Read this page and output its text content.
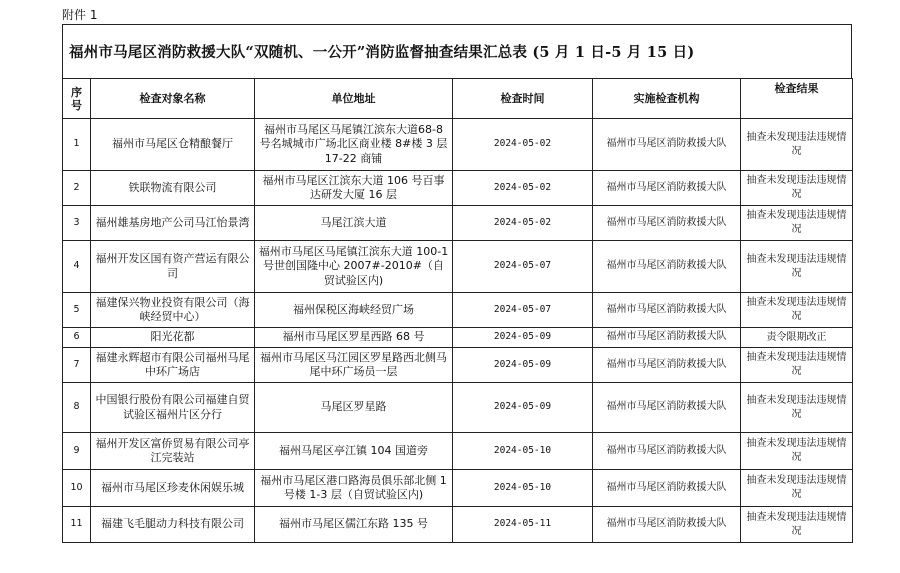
附件 1
福州市马尾区消防救援大队“双随机、一公开”消防监督抽查结果汇总表 (5 月 1 日-5 月 15 日)
序号	检查对象名称	单位地址	检查时间	实施检查机构	检查结果
1	福州市马尾区仓精酿餐厅	福州市马尾区马尾镇江滨东大道68-8 号名城城市广场北区商业楼 8#楼 3 层 17-22 商铺	2024-05-02	福州市马尾区消防救援大队	抽查未发现违法违规情况
2	铁联物流有限公司	福州市马尾区江滨东大道 106 号百事达研发大厦 16 层	2024-05-02	福州市马尾区消防救援大队	抽查未发现违法违规情况
3	福州雄基房地产公司马江怡景湾	马尾江滨大道	2024-05-02	福州市马尾区消防救援大队	抽查未发现违法违规情况
4	福州开发区国有资产营运有限公司	福州市马尾区马尾镇江滨东大道 100-1 号世创国隆中心 2007#-2010#（自贸试验区内)	2024-05-07	福州市马尾区消防救援大队	抽查未发现违法违规情况
5	福建保兴物业投资有限公司（海峡经贸中心）	福州保税区海峡经贸广场	2024-05-07	福州市马尾区消防救援大队	抽查未发现违法违规情况
6	阳光花都	福州市马尾区罗星西路 68 号	2024-05-09	福州市马尾区消防救援大队	责令限期改正
7	福建永辉超市有限公司福州马尾中环广场店	福州市马尾区马江园区罗星路西北侧马尾中环广场员一层	2024-05-09	福州市马尾区消防救援大队	抽查未发现违法违规情况
8	中国银行股份有限公司福建自贸试验区福州片区分行	马尾区罗星路	2024-05-09	福州市马尾区消防救援大队	抽查未发现违法违规情况
9	福州开发区富侨贸易有限公司亭江完装站	福州马尾区亭江镇 104 国道旁	2024-05-10	福州市马尾区消防救援大队	抽查未发现违法违规情况
10	福州市马尾区珍麦休闲娱乐城	福州市马尾区港口路海员俱乐部北侧 1 号楼 1-3 层（自贸试验区内)	2024-05-10	福州市马尾区消防救援大队	抽查未发现违法违规情况
11	福建飞毛腿动力科技有限公司	福州市马尾区儒江东路 135 号	2024-05-11	福州市马尾区消防救援大队	抽查未发现违法违规情况
